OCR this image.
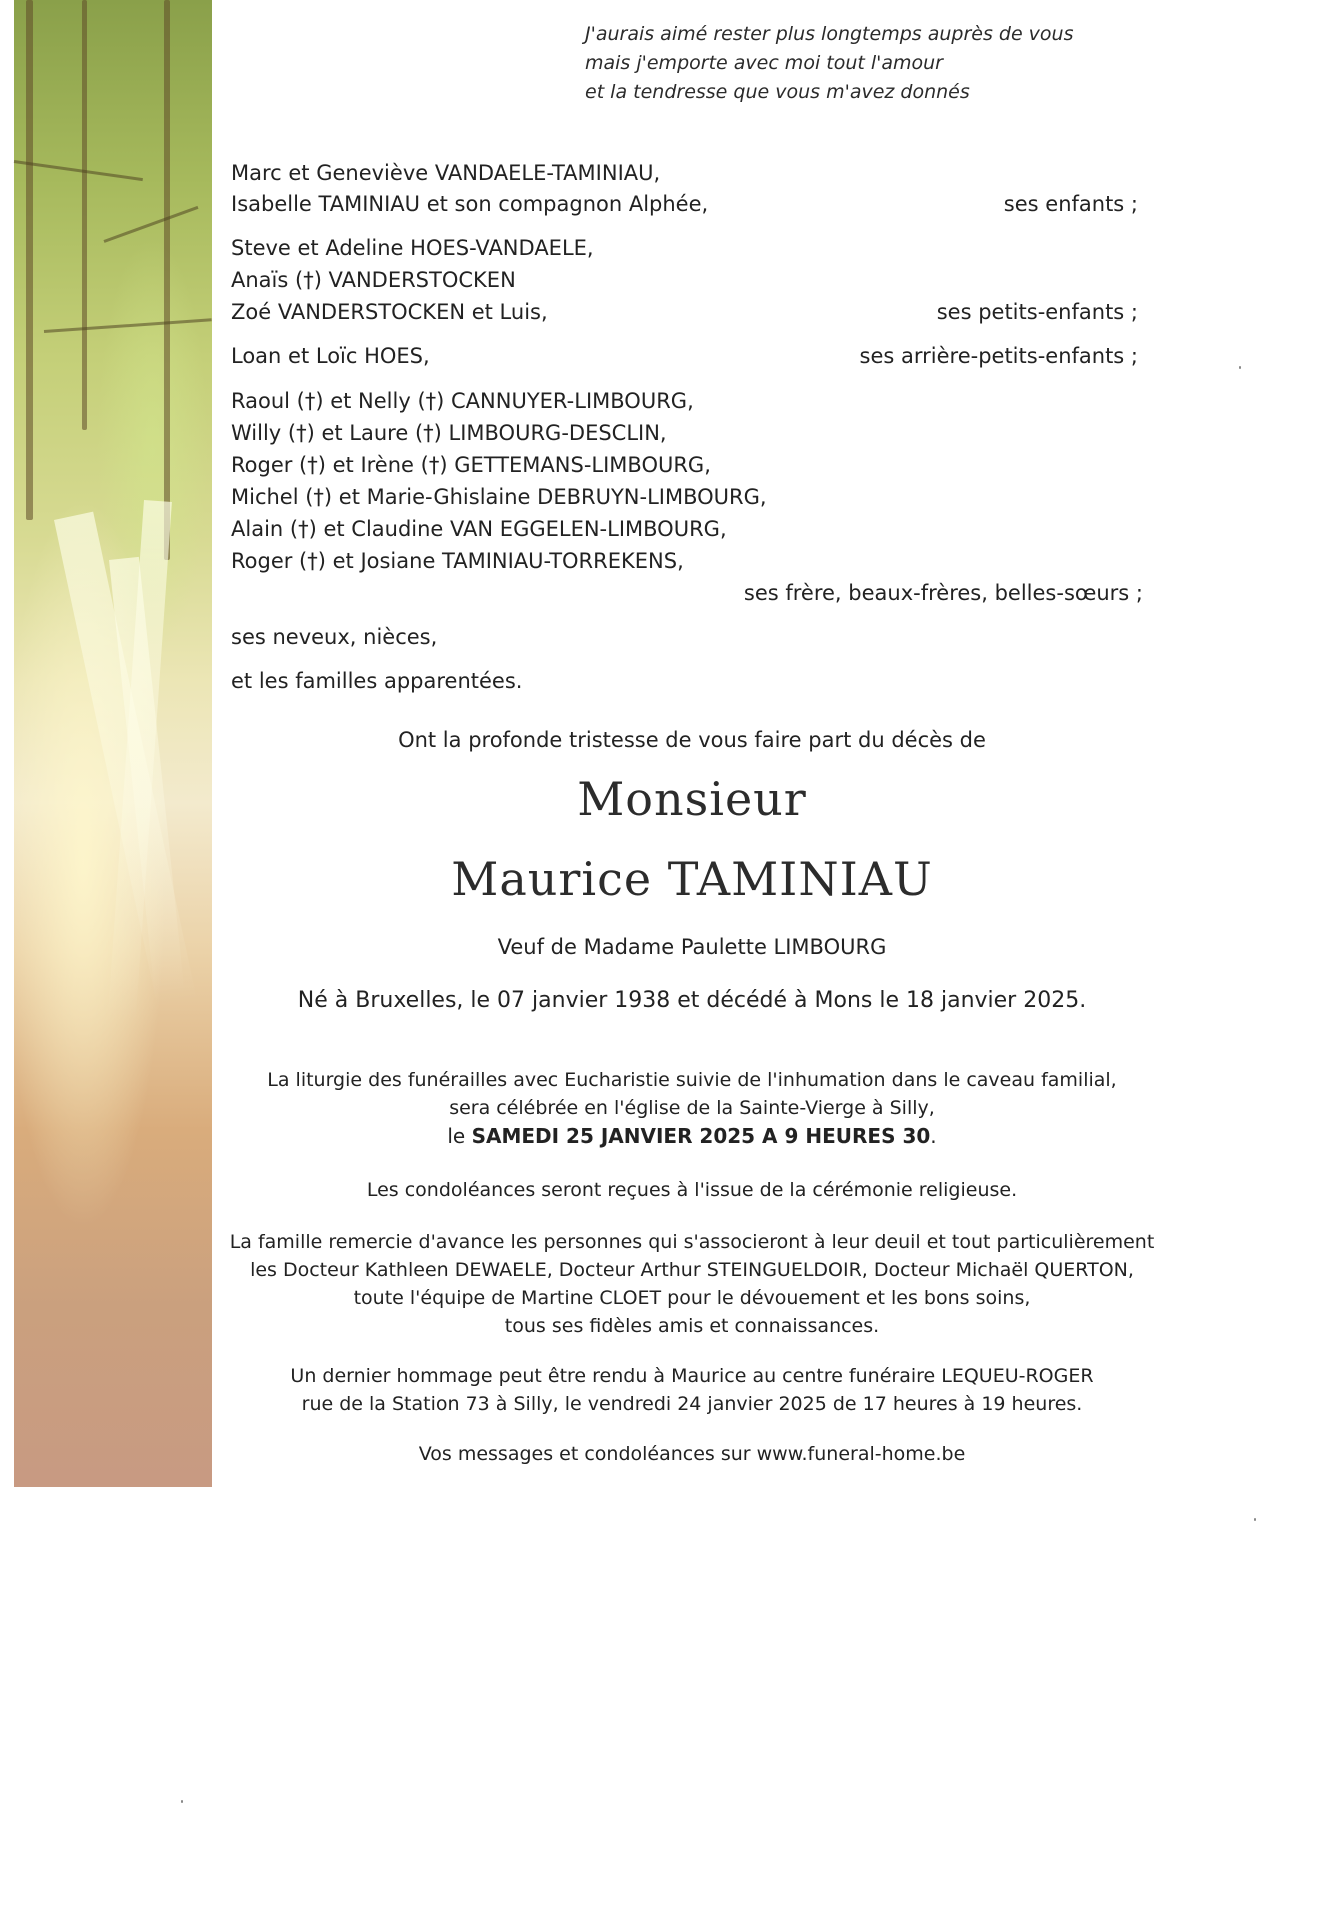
J'aurais aimé rester plus longtemps auprès de vous
mais j'emporte avec moi tout l'amour
et la tendresse que vous m'avez donnés
Marc et Geneviève VANDAELE-TAMINIAU,
Isabelle TAMINIAU et son compagnon Alphée,	ses enfants ;
Steve et Adeline HOES-VANDAELE,
Anaïs (†) VANDERSTOCKEN
Zoé VANDERSTOCKEN et Luis,	ses petits-enfants ;
Loan et Loïc HOES,	ses arrière-petits-enfants ;
Raoul (†) et Nelly (†) CANNUYER-LIMBOURG,
Willy (†) et Laure (†) LIMBOURG-DESCLIN,
Roger (†) et Irène (†) GETTEMANS-LIMBOURG,
Michel (†) et Marie-Ghislaine DEBRUYN-LIMBOURG,
Alain (†) et Claudine VAN EGGELEN-LIMBOURG,
Roger (†) et Josiane TAMINIAU-TORREKENS,
ses frère, beaux-frères, belles-sœurs ;
ses neveux, nièces,
et les familles apparentées.
Ont la profonde tristesse de vous faire part du décès de
Monsieur
Maurice TAMINIAU
Veuf de Madame Paulette LIMBOURG
Né à Bruxelles, le 07 janvier 1938 et décédé à Mons le 18 janvier 2025.
La liturgie des funérailles avec Eucharistie suivie de l'inhumation dans le caveau familial,
sera célébrée en l'église de la Sainte-Vierge à Silly,
le SAMEDI 25 JANVIER 2025 A 9 HEURES 30.
Les condoléances seront reçues à l'issue de la cérémonie religieuse.
La famille remercie d'avance les personnes qui s'associeront à leur deuil et tout particulièrement
les Docteur Kathleen DEWAELE, Docteur Arthur STEINGUELDOIR, Docteur Michaël QUERTON,
toute l'équipe de Martine CLOET pour le dévouement et les bons soins,
tous ses fidèles amis et connaissances.
Un dernier hommage peut être rendu à Maurice au centre funéraire LEQUEU-ROGER
rue de la Station 73 à Silly, le vendredi 24 janvier 2025 de 17 heures à 19 heures.
Vos messages et condoléances sur www.funeral-home.be
